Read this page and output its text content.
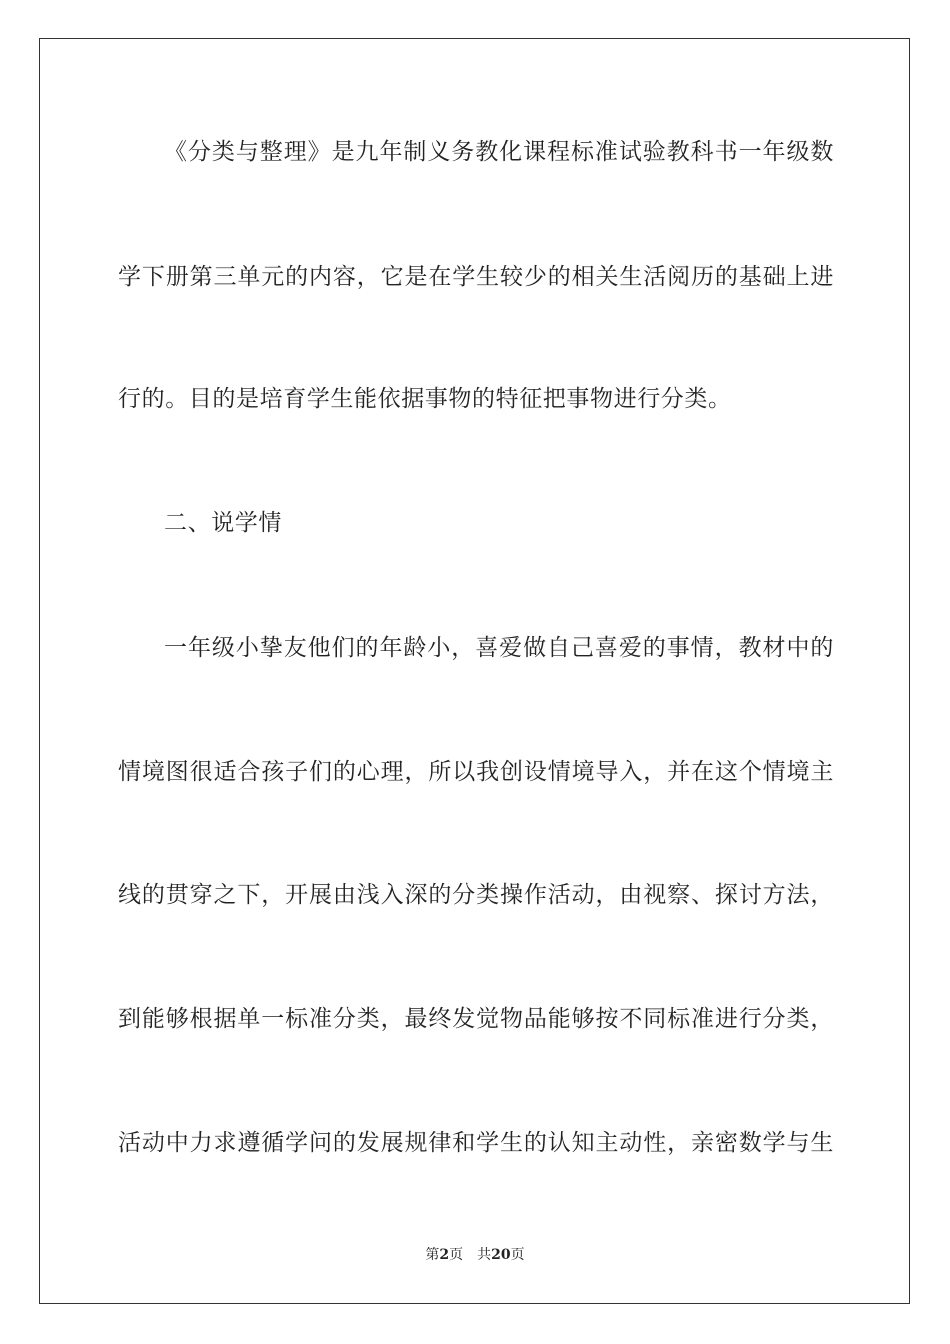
《分类与整理》是九年制义务教化课程标准试验教科书一年级数
学下册第三单元的内容，它是在学生较少的相关生活阅历的基础上进
行的。目的是培育学生能依据事物的特征把事物进行分类。
二、说学情
一年级小挚友他们的年龄小，喜爱做自己喜爱的事情，教材中的
情境图很适合孩子们的心理，所以我创设情境导入，并在这个情境主
线的贯穿之下，开展由浅入深的分类操作活动，由视察、探讨方法，
到能够根据单一标准分类，最终发觉物品能够按不同标准进行分类，
活动中力求遵循学问的发展规律和学生的认知主动性，亲密数学与生
第2页 共20页
